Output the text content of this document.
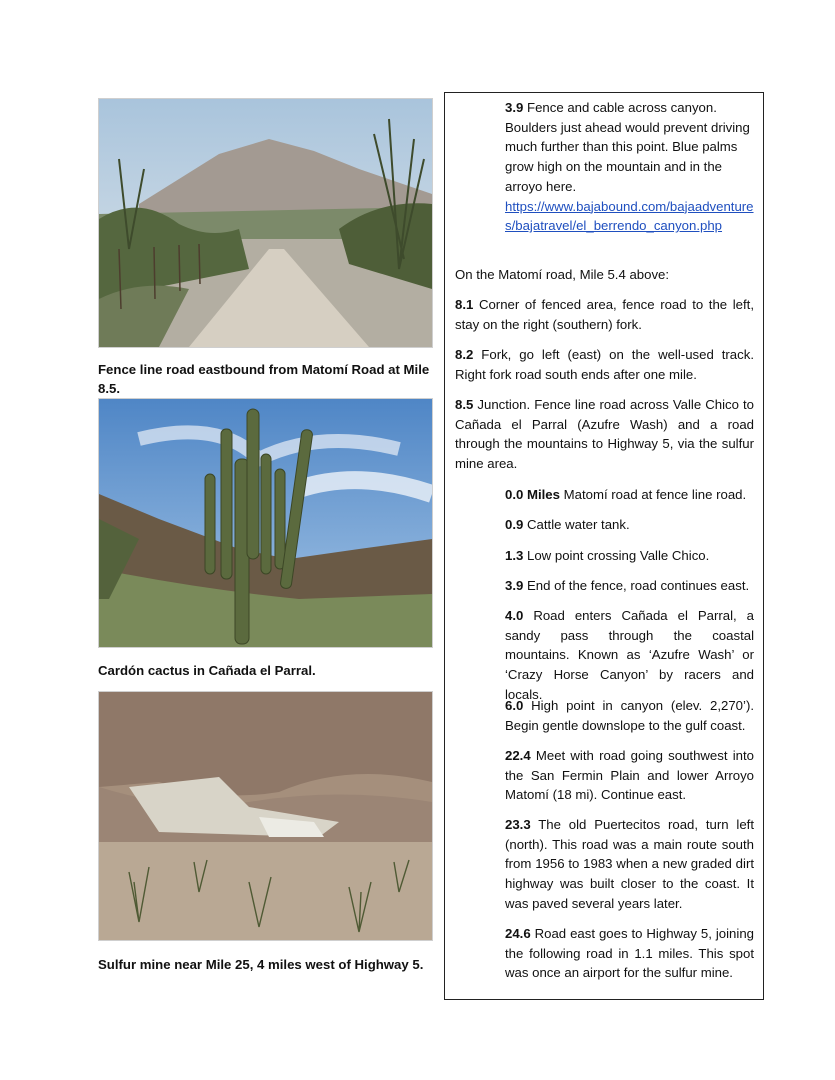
Fence line road eastbound from Matomí Road at Mile 8.5.
Cardón cactus in Cañada el Parral.
Sulfur mine near Mile 25, 4 miles west of Highway 5.

3.9 Fence and cable across canyon. Boulders just ahead would prevent driving much further than this point. Blue palms grow high on the mountain and in the arroyo here.

https://www.bajabound.com/bajaadventures/bajatravel/el_berrendo_canyon.php

On the Matomí road, Mile 5.4 above:

8.1 Corner of fenced area, fence road to the left, stay on the right (southern) fork.

8.2 Fork, go left (east) on the well-used track. Right fork road south ends after one mile.

8.5 Junction. Fence line road across Valle Chico to Cañada el Parral (Azufre Wash) and a road through the mountains to Highway 5, via the sulfur mine area.

0.0 Miles Matomí road at fence line road.

0.9 Cattle water tank.

1.3 Low point crossing Valle Chico.

3.9 End of the fence, road continues east.

4.0 Road enters Cañada el Parral, a sandy pass through the coastal mountains. Known as ‘Azufre Wash’ or ‘Crazy Horse Canyon’ by racers and locals.

6.0 High point in canyon (elev. 2,270’). Begin gentle downslope to the gulf coast.

22.4 Meet with road going southwest into the San Fermin Plain and lower Arroyo Matomí (18 mi). Continue east.

23.3 The old Puertecitos road, turn left (north). This road was a main route south from 1956 to 1983 when a new graded dirt highway was built closer to the coast. It was paved several years later.

24.6 Road east goes to Highway 5, joining the following road in 1.1 miles. This spot was once an airport for the sulfur mine.
